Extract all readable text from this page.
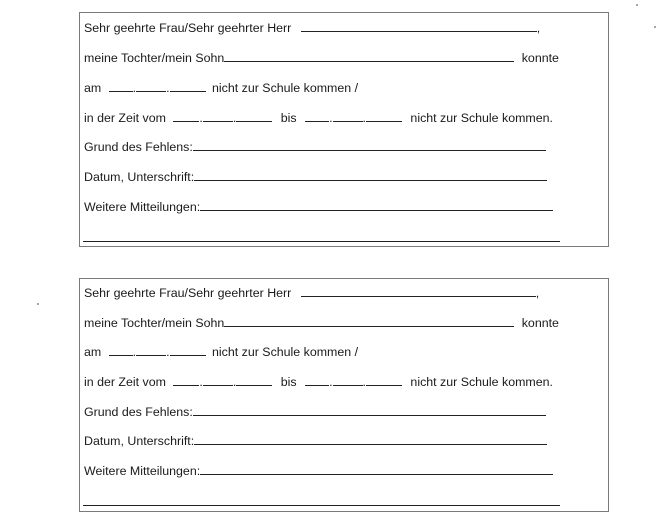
Sehr geehrte Frau/Sehr geehrter Herr	,
meine Tochter/mein Sohn	konnte
am	. .	nicht zur Schule kommen /
in der Zeit vom	. .	bis	. .	nicht zur Schule kommen.
Grund des Fehlens:
Datum, Unterschrift:
Weitere Mitteilungen:
Sehr geehrte Frau/Sehr geehrter Herr	,
meine Tochter/mein Sohn	konnte
am	. .	nicht zur Schule kommen /
in der Zeit vom	. .	bis	. .	nicht zur Schule kommen.
Grund des Fehlens:
Datum, Unterschrift:
Weitere Mitteilungen:
